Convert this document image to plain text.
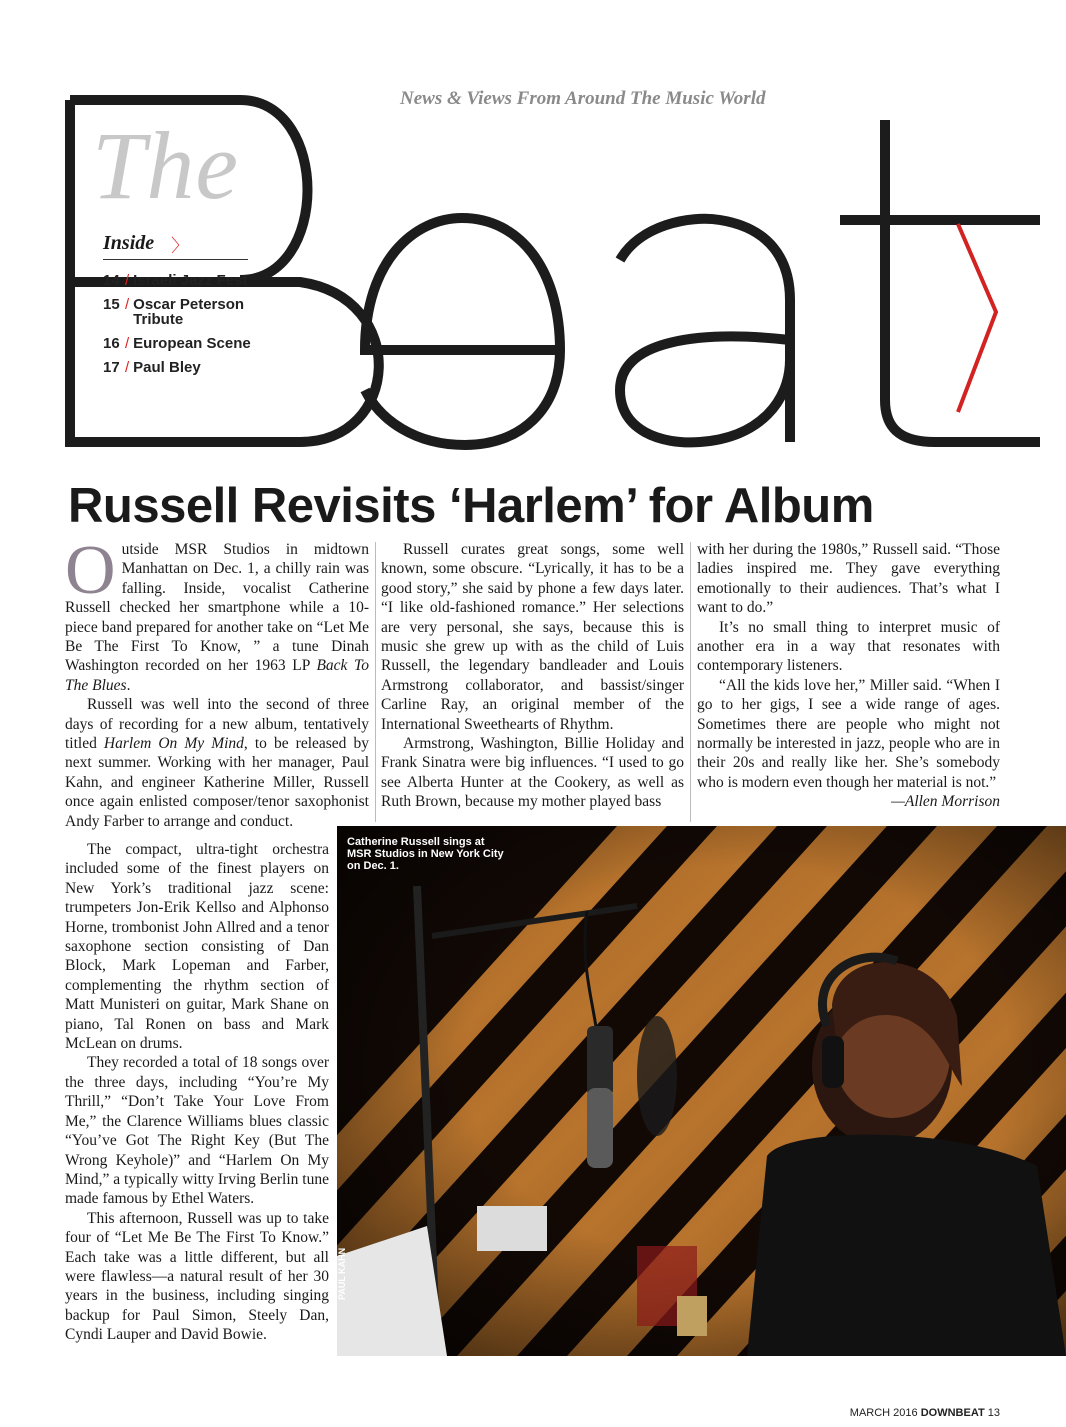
Beat
News & Views From Around The Music World
The
Inside 〉
14 / Israeli Jazz Fest
15 / Oscar Peterson Tribute
16 / European Scene
17 / Paul Bley
Russell Revisits ‘Harlem’ for Album

Outside MSR Studios in midtown Manhattan on Dec. 1, a chilly rain was falling. Inside, vocalist Catherine Russell checked her smartphone while a 10-piece band prepared for another take on “Let Me Be The First To Know, ” a tune Dinah Washington recorded on her 1963 LP Back To The Blues.

Russell was well into the second of three days of recording for a new album, tentatively titled Harlem On My Mind, to be released by next summer. Working with her manager, Paul Kahn, and engineer Katherine Miller, Russell once again enlisted composer/tenor saxophonist Andy Farber to arrange and conduct.

The compact, ultra-tight orchestra included some of the finest players on New York’s traditional jazz scene: trumpeters Jon-Erik Kellso and Alphonso Horne, trombonist John Allred and a tenor saxophone section consisting of Dan Block, Mark Lopeman and Farber, complementing the rhythm section of Matt Munisteri on guitar, Mark Shane on piano, Tal Ronen on bass and Mark McLean on drums.

They recorded a total of 18 songs over the three days, including “You’re My Thrill,” “Don’t Take Your Love From Me,” the Clarence Williams blues classic “You’ve Got The Right Key (But The Wrong Keyhole)” and “Harlem On My Mind,” a typically witty Irving Berlin tune made famous by Ethel Waters.

This afternoon, Russell was up to take four of “Let Me Be The First To Know.” Each take was a little different, but all were flawless—a natural result of her 30 years in the business, including singing backup for Paul Simon, Steely Dan, Cyndi Lauper and David Bowie.

Russell curates great songs, some well known, some obscure. “Lyrically, it has to be a good story,” she said by phone a few days later. “I like old-fashioned romance.” Her selections are very personal, she says, because this is music she grew up with as the child of Luis Russell, the legendary bandleader and Louis Armstrong collaborator, and bassist/singer Carline Ray, an original member of the International Sweethearts of Rhythm.

Armstrong, Washington, Billie Holiday and Frank Sinatra were big influences. “I used to go see Alberta Hunter at the Cookery, as well as Ruth Brown, because my mother played bass

with her during the 1980s,” Russell said. “Those ladies inspired me. They gave everything emotionally to their audiences. That’s what I want to do.”

It’s no small thing to interpret music of another era in a way that resonates with contemporary listeners.

“All the kids love her,” Miller said. “When I go to her gigs, I see a wide range of ages. Sometimes there are people who might not normally be interested in jazz, people who are in their 20s and really like her. She’s somebody who is modern even though her material is not.”
—Allen Morrison

Catherine Russell sings at MSR Studios in New York City on Dec. 1.
PAUL KAHN
MARCH 2016 DOWNBEAT 13
